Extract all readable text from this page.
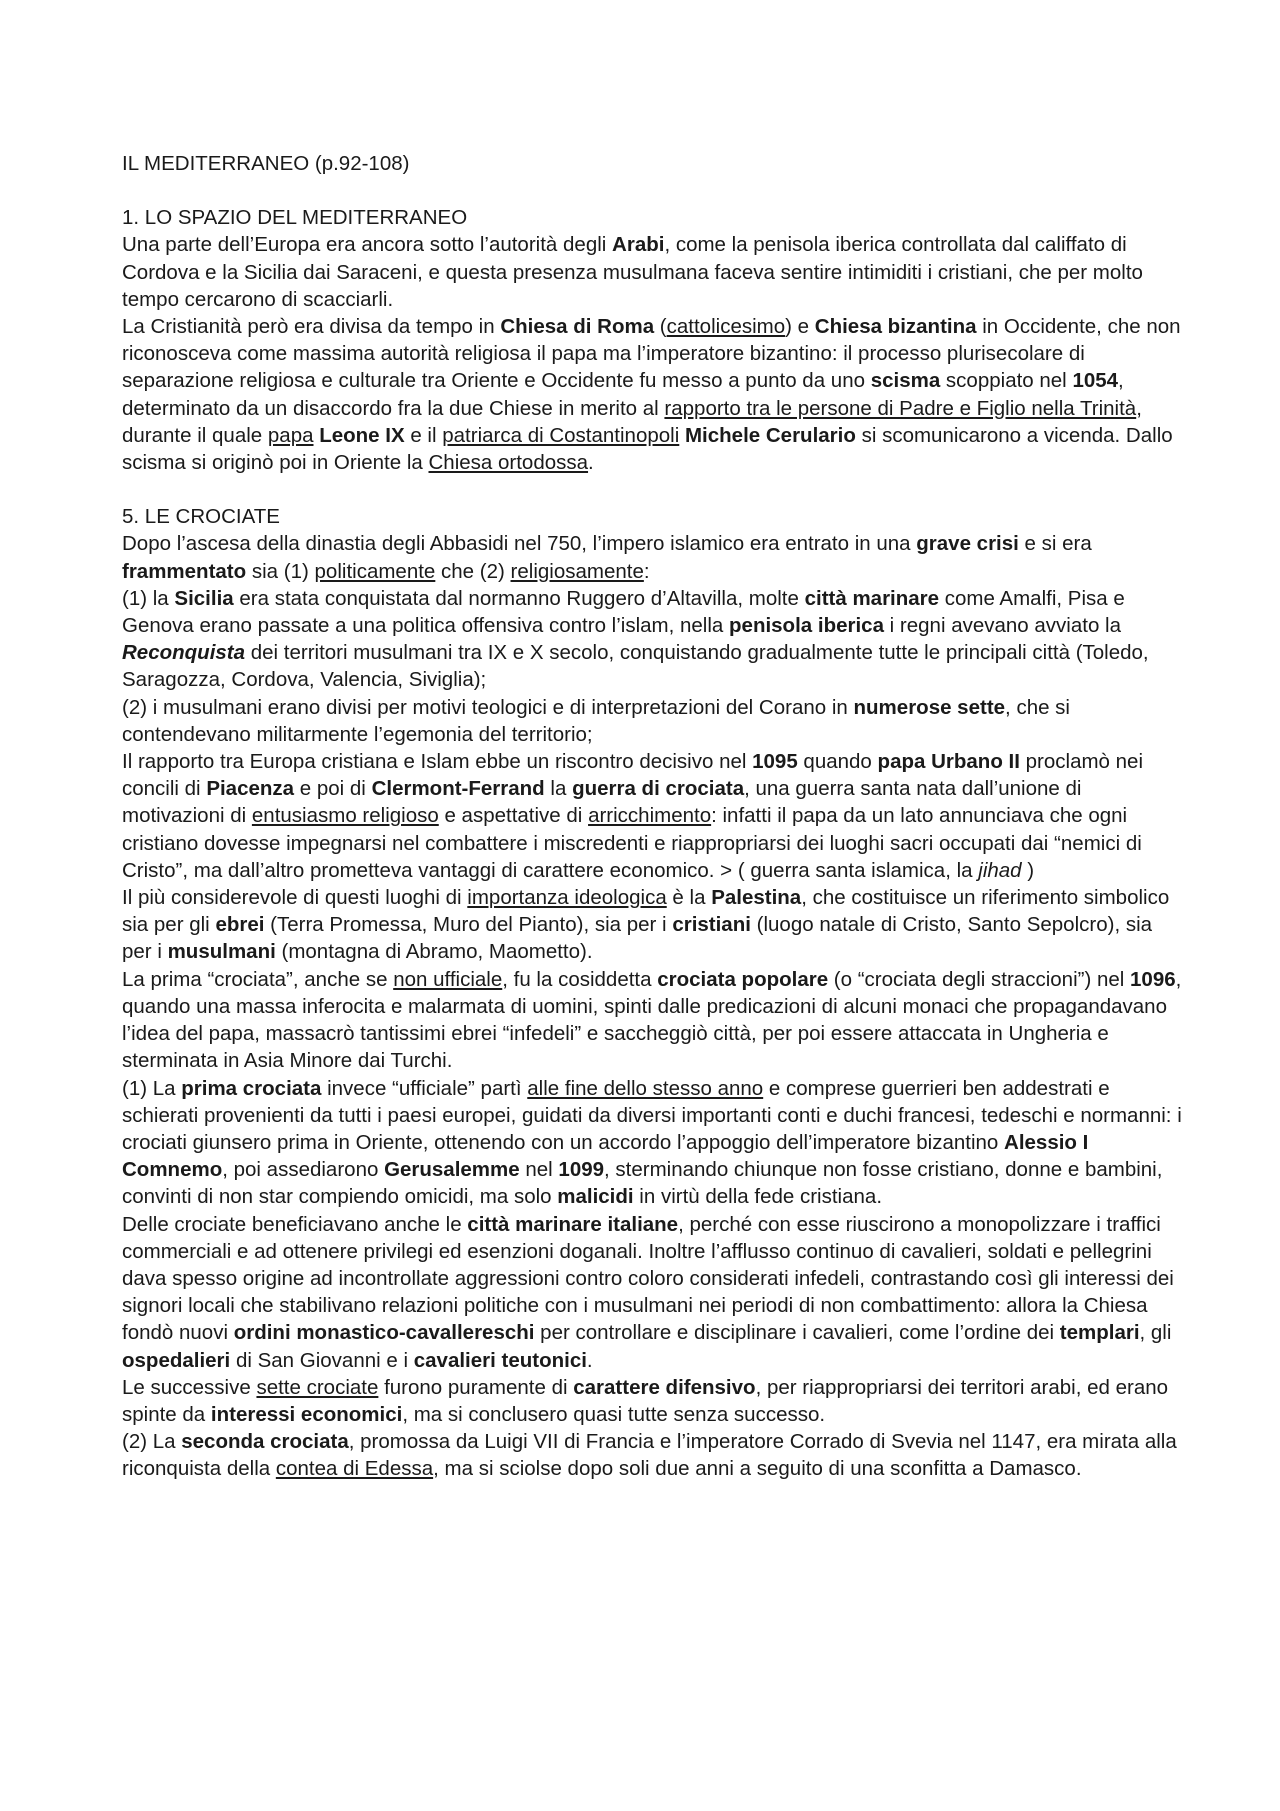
IL MEDITERRANEO (p.92-108)
1. LO SPAZIO DEL MEDITERRANEO

Una parte dell’Europa era ancora sotto l’autorità degli Arabi, come la penisola iberica controllata dal califfato di Cordova e la Sicilia dai Saraceni, e questa presenza musulmana faceva sentire intimiditi i cristiani, che per molto tempo cercarono di scacciarli.

La Cristianità però era divisa da tempo in Chiesa di Roma (cattolicesimo) e Chiesa bizantina in Occidente, che non riconosceva come massima autorità religiosa il papa ma l’imperatore bizantino: il processo plurisecolare di separazione religiosa e culturale tra Oriente e Occidente fu messo a punto da uno scisma scoppiato nel 1054, determinato da un disaccordo fra la due Chiese in merito al rapporto tra le persone di Padre e Figlio nella Trinità, durante il quale papa Leone IX e il patriarca di Costantinopoli Michele Cerulario si scomunicarono a vicenda. Dallo scisma si originò poi in Oriente la Chiesa ortodossa.

5. LE CROCIATE

Dopo l’ascesa della dinastia degli Abbasidi nel 750, l’impero islamico era entrato in una grave crisi e si era frammentato sia (1) politicamente che (2) religiosamente:

(1) la Sicilia era stata conquistata dal normanno Ruggero d’Altavilla, molte città marinare come Amalfi, Pisa e Genova erano passate a una politica offensiva contro l’islam, nella penisola iberica i regni avevano avviato la Reconquista dei territori musulmani tra IX e X secolo, conquistando gradualmente tutte le principali città (Toledo, Saragozza, Cordova, Valencia, Siviglia);

(2) i musulmani erano divisi per motivi teologici e di interpretazioni del Corano in numerose sette, che si contendevano militarmente l’egemonia del territorio;

Il rapporto tra Europa cristiana e Islam ebbe un riscontro decisivo nel 1095 quando papa Urbano II proclamò nei concili di Piacenza e poi di Clermont-Ferrand la guerra di crociata, una guerra santa nata dall’unione di motivazioni di entusiasmo religioso e aspettative di arricchimento: infatti il papa da un lato annunciava che ogni cristiano dovesse impegnarsi nel combattere i miscredenti e riappropriarsi dei luoghi sacri occupati dai “nemici di Cristo”, ma dall’altro prometteva vantaggi di carattere economico. > ( guerra santa islamica, la jihad )

Il più considerevole di questi luoghi di importanza ideologica è la Palestina, che costituisce un riferimento simbolico sia per gli ebrei (Terra Promessa, Muro del Pianto), sia per i cristiani (luogo natale di Cristo, Santo Sepolcro), sia per i musulmani (montagna di Abramo, Maometto).

La prima “crociata”, anche se non ufficiale, fu la cosiddetta crociata popolare (o “crociata degli straccioni”) nel 1096, quando una massa inferocita e malarmata di uomini, spinti dalle predicazioni di alcuni monaci che propagandavano l’idea del papa, massacrò tantissimi ebrei “infedeli” e saccheggiò città, per poi essere attaccata in Ungheria e sterminata in Asia Minore dai Turchi.

(1) La prima crociata invece “ufficiale” partì alle fine dello stesso anno e comprese guerrieri ben addestrati e schierati provenienti da tutti i paesi europei, guidati da diversi importanti conti e duchi francesi, tedeschi e normanni: i crociati giunsero prima in Oriente, ottenendo con un accordo l’appoggio dell’imperatore bizantino Alessio I Comnemo, poi assediarono Gerusalemme nel 1099, sterminando chiunque non fosse cristiano, donne e bambini, convinti di non star compiendo omicidi, ma solo malicidi in virtù della fede cristiana.

Delle crociate beneficiavano anche le città marinare italiane, perché con esse riuscirono a monopolizzare i traffici commerciali e ad ottenere privilegi ed esenzioni doganali. Inoltre l’afflusso continuo di cavalieri, soldati e pellegrini dava spesso origine ad incontrollate aggressioni contro coloro considerati infedeli, contrastando così gli interessi dei signori locali che stabilivano relazioni politiche con i musulmani nei periodi di non combattimento: allora la Chiesa fondò nuovi ordini monastico-cavallereschi per controllare e disciplinare i cavalieri, come l’ordine dei templari, gli ospedalieri di San Giovanni e i cavalieri teutonici.

Le successive sette crociate furono puramente di carattere difensivo, per riappropriarsi dei territori arabi, ed erano spinte da interessi economici, ma si conclusero quasi tutte senza successo.

(2) La seconda crociata, promossa da Luigi VII di Francia e l’imperatore Corrado di Svevia nel 1147, era mirata alla riconquista della contea di Edessa, ma si sciolse dopo soli due anni a seguito di una sconfitta a Damasco.
